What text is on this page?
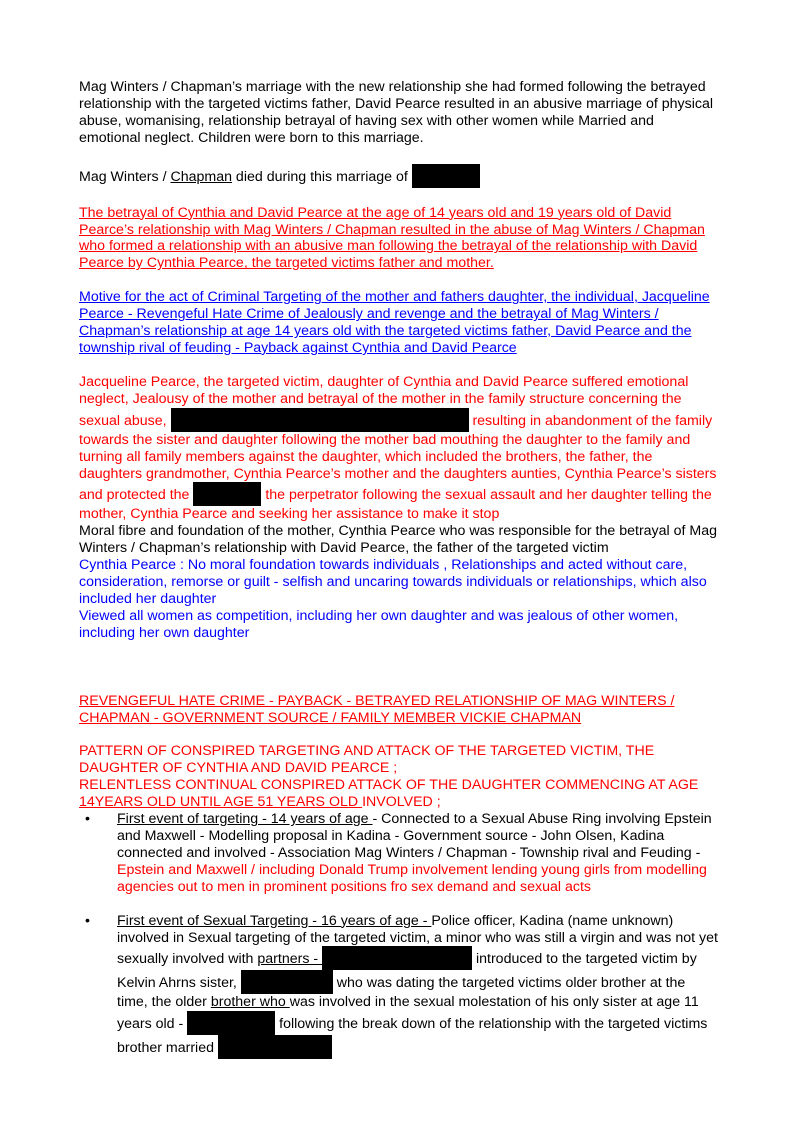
Mag Winters / Chapman’s marriage with the new relationship she had formed following the betrayed relationship with the targeted victims father, David Pearce resulted in an abusive marriage of physical abuse, womanising, relationship betrayal of having sex with other women while Married and emotional neglect. Children were born to this marriage.

Mag Winters / Chapman died during this marriage of

The betrayal of Cynthia and David Pearce at the age of 14 years old and 19 years old of David Pearce’s relationship with Mag Winters / Chapman resulted in the abuse of Mag Winters / Chapman who formed a relationship with an abusive man following the betrayal of the relationship with David Pearce by Cynthia Pearce, the targeted victims father and mother.

Motive for the act of Criminal Targeting of the mother and fathers daughter, the individual, Jacqueline Pearce - Revengeful Hate Crime of Jealously and revenge and the betrayal of Mag Winters / Chapman’s relationship at age 14 years old with the targeted victims father, David Pearce and the township rival of feuding - Payback against Cynthia and David Pearce

Jacqueline Pearce, the targeted victim, daughter of Cynthia and David Pearce suffered emotional neglect, Jealousy of the mother and betrayal of the mother in the family structure concerning the sexual abuse,	resulting in abandonment of the family towards the sister and daughter following the mother bad mouthing the daughter to the family and turning all family members against the daughter, which included the brothers, the father, the daughters grandmother, Cynthia Pearce’s mother and the daughters aunties, Cynthia Pearce’s sisters and protected the	the perpetrator following the sexual assault and her daughter telling the mother, Cynthia Pearce and seeking her assistance to make it stop

Moral fibre and foundation of the mother, Cynthia Pearce who was responsible for the betrayal of Mag Winters / Chapman’s relationship with David Pearce, the father of the targeted victim

Cynthia Pearce : No moral foundation towards individuals , Relationships and acted without care, consideration, remorse or guilt - selfish and uncaring towards individuals or relationships, which also included her daughter

Viewed all women as competition, including her own daughter and was jealous of other women, including her own daughter

REVENGEFUL HATE CRIME - PAYBACK - BETRAYED RELATIONSHIP OF MAG WINTERS / CHAPMAN - GOVERNMENT SOURCE / FAMILY MEMBER VICKIE CHAPMAN

PATTERN OF CONSPIRED TARGETING AND ATTACK OF THE TARGETED VICTIM, THE DAUGHTER OF CYNTHIA AND DAVID PEARCE ;

RELENTLESS CONTINUAL CONSPIRED ATTACK OF THE DAUGHTER COMMENCING AT AGE 14YEARS OLD UNTIL AGE 51 YEARS OLD INVOLVED ;

• First event of targeting - 14 years of age - Connected to a Sexual Abuse Ring involving Epstein and Maxwell - Modelling proposal in Kadina - Government source - John Olsen, Kadina connected and involved - Association Mag Winters / Chapman - Township rival and Feuding - Epstein and Maxwell / including Donald Trump involvement lending young girls from modelling agencies out to men in prominent positions fro sex demand and sexual acts

• First event of Sexual Targeting - 16 years of age - Police officer, Kadina (name unknown) involved in Sexual targeting of the targeted victim, a minor who was still a virgin and was not yet sexually involved with partners -	introduced to the targeted victim by Kelvin Ahrns sister,	who was dating the targeted victims older brother at the time, the older brother who was involved in the sexual molestation of his only sister at age 11 years old -	following the break down of the relationship with the targeted victims brother married
